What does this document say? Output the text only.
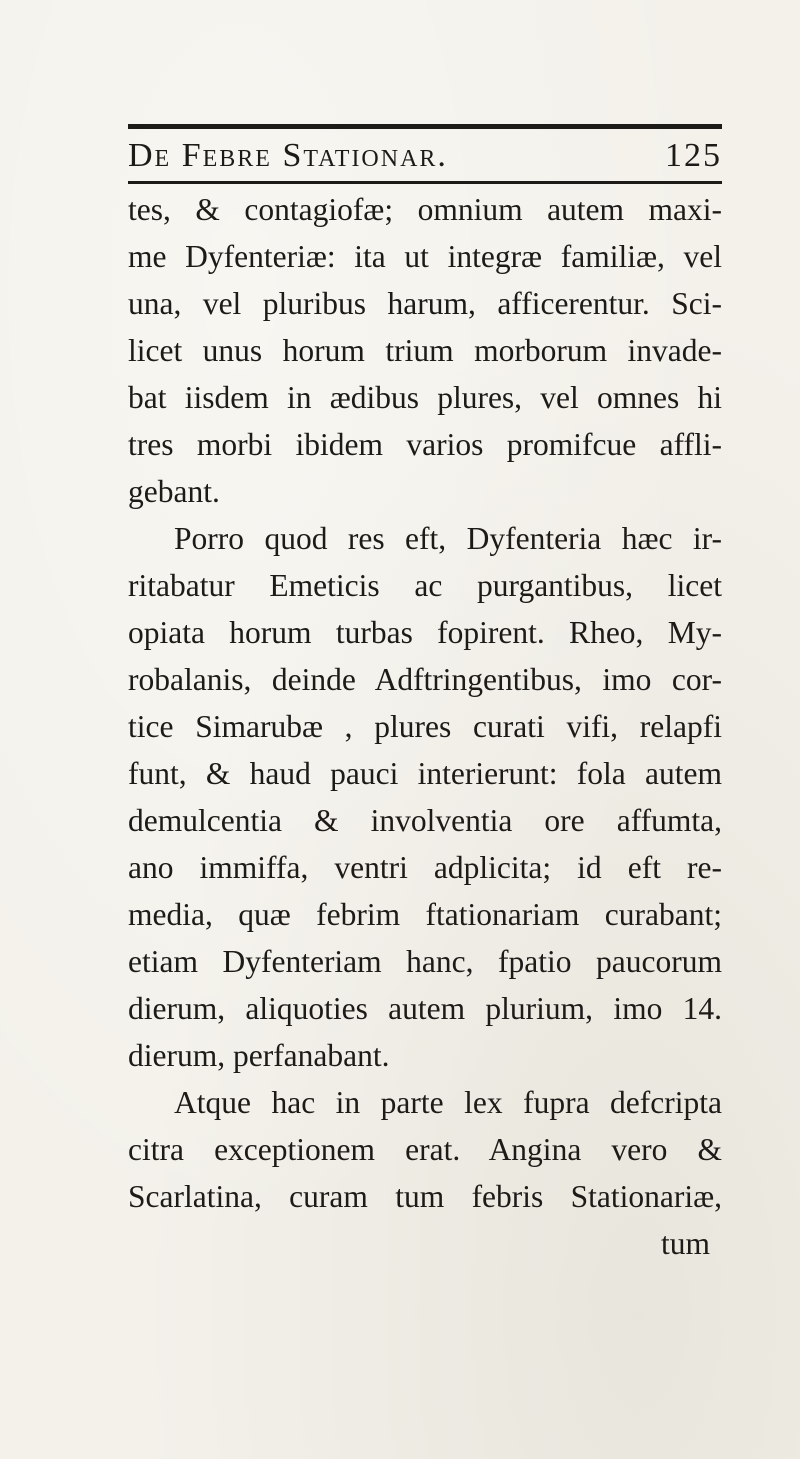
De Febre Stationar.	125
tes, & contagiofæ; omnium autem maxi-
me Dyfenteriæ: ita ut integræ familiæ, vel
una, vel pluribus harum, afficerentur. Sci-
licet unus horum trium morborum invade-
bat iisdem in ædibus plures, vel omnes hi
tres morbi ibidem varios promifcue affli-
gebant.
Porro quod res eft, Dyfenteria hæc ir-
ritabatur Emeticis ac purgantibus, licet
opiata horum turbas fopirent. Rheo, My-
robalanis, deinde Adftringentibus, imo cor-
tice Simarubæ , plures curati vifi, relapfi
funt, & haud pauci interierunt: fola autem
demulcentia & involventia ore affumta,
ano immiffa, ventri adplicita; id eft re-
media, quæ febrim ftationariam curabant;
etiam Dyfenteriam hanc, fpatio paucorum
dierum, aliquoties autem plurium, imo 14.
dierum, perfanabant.
Atque hac in parte lex fupra defcripta
citra exceptionem erat. Angina vero &
Scarlatina, curam tum febris Stationariæ,
tum
